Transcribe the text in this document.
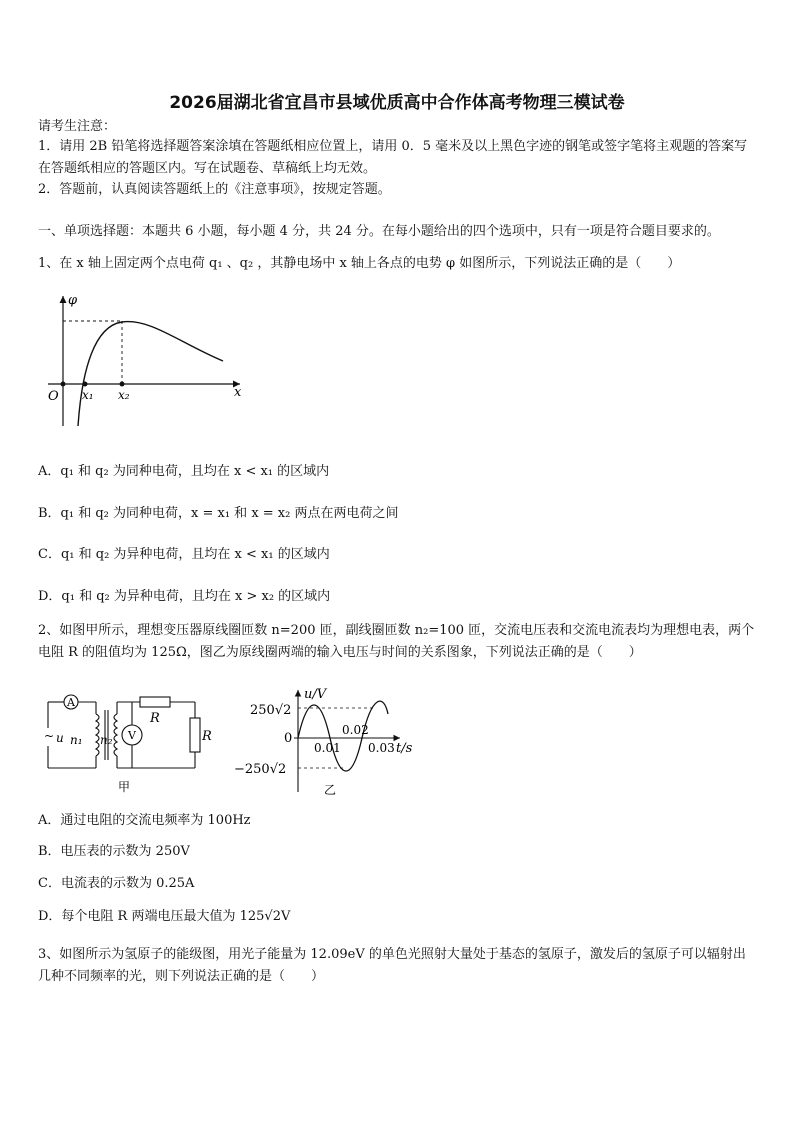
2026届湖北省宜昌市县域优质高中合作体高考物理三模试卷
请考生注意：
1．请用 2B 铅笔将选择题答案涂填在答题纸相应位置上，请用 0．5 毫米及以上黑色字迹的钢笔或签字笔将主观题的答案写在答题纸相应的答题区内。写在试题卷、草稿纸上均无效。
2．答题前，认真阅读答题纸上的《注意事项》，按规定答题。
一、单项选择题：本题共 6 小题，每小题 4 分，共 24 分。在每小题给出的四个选项中，只有一项是符合题目要求的。
1、在 x 轴上固定两个点电荷 q₁ 、q₂ ，其静电场中 x 轴上各点的电势 φ 如图所示，下列说法正确的是（　　）
φ
O x₁ x₂	x
A．q₁ 和 q₂ 为同种电荷，且均在 x < x₁ 的区域内
B．q₁ 和 q₂ 为同种电荷，x = x₁ 和 x = x₂ 两点在两电荷之间
C．q₁ 和 q₂ 为异种电荷，且均在 x < x₁ 的区域内
D．q₁ 和 q₂ 为异种电荷，且均在 x > x₂ 的区域内
2、如图甲所示，理想变压器原线圈匝数 n=200 匝，副线圈匝数 n₂=100 匝，交流电压表和交流电流表均为理想电表，两个电阻 R 的阻值均为 125Ω，图乙为原线圈两端的输入电压与时间的关系图象，下列说法正确的是（　　）
A
V
~ u n₁ n₂
R
R
甲
u/V
250√2
0
−250√2
0.01
0.02
0.03 t/s
乙
A．通过电阻的交流电频率为 100Hz
B．电压表的示数为 250V
C．电流表的示数为 0.25A
D．每个电阻 R 两端电压最大值为 125√2V
3、如图所示为氢原子的能级图，用光子能量为 12.09eV 的单色光照射大量处于基态的氢原子，激发后的氢原子可以辐射出几种不同频率的光，则下列说法正确的是（　　）
